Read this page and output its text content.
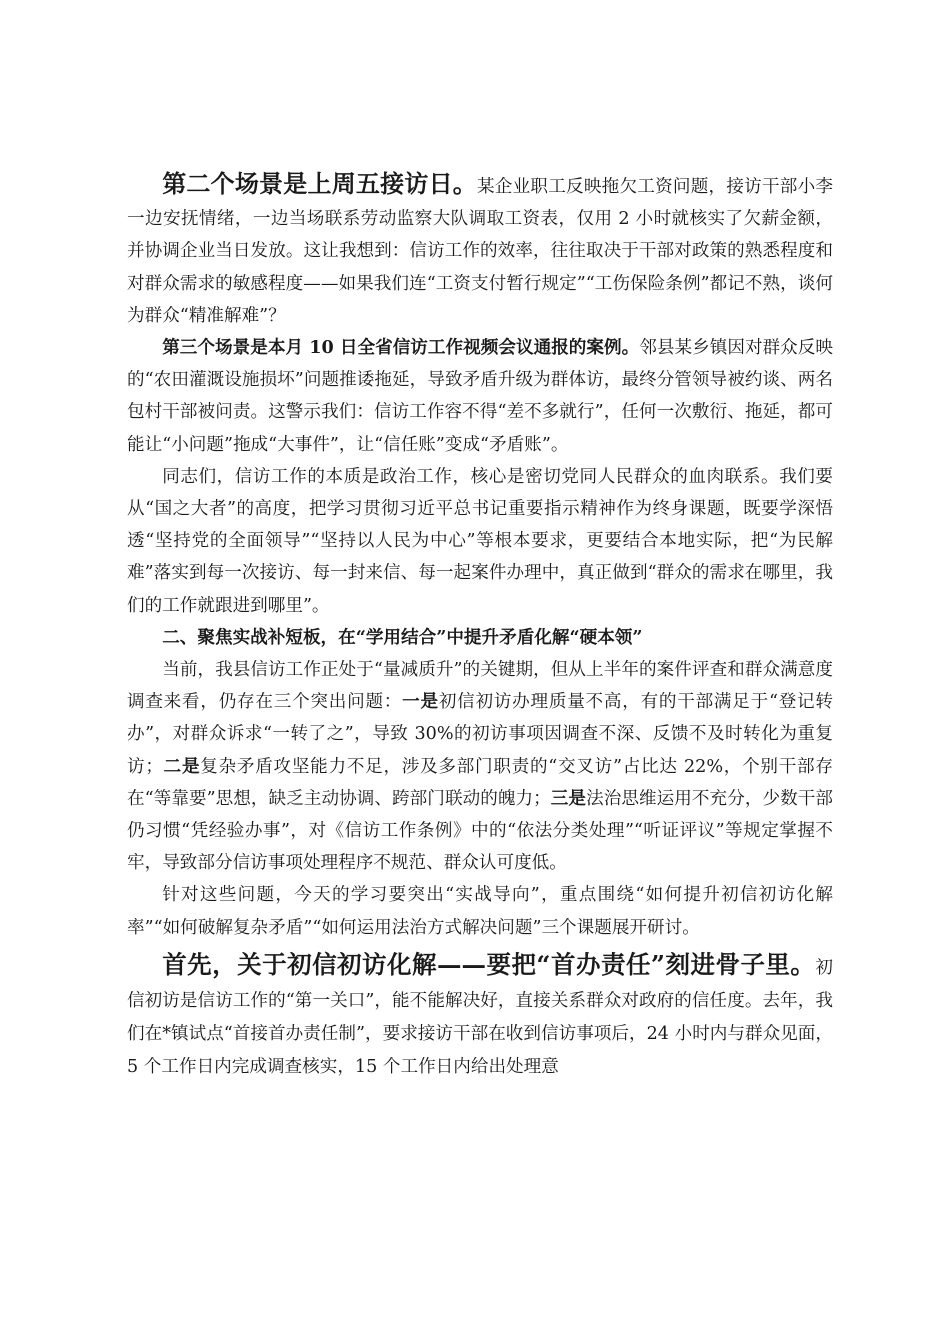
第二个场景是上周五接访日。某企业职工反映拖欠工资问题，接访干部小李一边安抚情绪，一边当场联系劳动监察大队调取工资表，仅用 2 小时就核实了欠薪金额，并协调企业当日发放。这让我想到：信访工作的效率，往往取决于干部对政策的熟悉程度和对群众需求的敏感程度——如果我们连“工资支付暂行规定”“工伤保险条例”都记不熟，谈何为群众“精准解难”？

第三个场景是本月 10 日全省信访工作视频会议通报的案例。邻县某乡镇因对群众反映的“农田灌溉设施损坏”问题推诿拖延，导致矛盾升级为群体访，最终分管领导被约谈、两名包村干部被问责。这警示我们：信访工作容不得“差不多就行”，任何一次敷衍、拖延，都可能让“小问题”拖成“大事件”，让“信任账”变成“矛盾账”。

同志们，信访工作的本质是政治工作，核心是密切党同人民群众的血肉联系。我们要从“国之大者”的高度，把学习贯彻习近平总书记重要指示精神作为终身课题，既要学深悟透“坚持党的全面领导”“坚持以人民为中心”等根本要求，更要结合本地实际，把“为民解难”落实到每一次接访、每一封来信、每一起案件办理中，真正做到“群众的需求在哪里，我们的工作就跟进到哪里”。

二、聚焦实战补短板，在“学用结合”中提升矛盾化解“硬本领”

当前，我县信访工作正处于“量减质升”的关键期，但从上半年的案件评查和群众满意度调查来看，仍存在三个突出问题：一是初信初访办理质量不高，有的干部满足于“登记转办”，对群众诉求“一转了之”，导致 30%的初访事项因调查不深、反馈不及时转化为重复访；二是复杂矛盾攻坚能力不足，涉及多部门职责的“交叉访”占比达 22%，个别干部存在“等靠要”思想，缺乏主动协调、跨部门联动的魄力；三是法治思维运用不充分，少数干部仍习惯“凭经验办事”，对《信访工作条例》中的“依法分类处理”“听证评议”等规定掌握不牢，导致部分信访事项处理程序不规范、群众认可度低。

针对这些问题，今天的学习要突出“实战导向”，重点围绕“如何提升初信初访化解率”“如何破解复杂矛盾”“如何运用法治方式解决问题”三个课题展开研讨。

首先，关于初信初访化解——要把“首办责任”刻进骨子里。初信初访是信访工作的“第一关口”，能不能解决好，直接关系群众对政府的信任度。去年，我们在*镇试点“首接首办责任制”，要求接访干部在收到信访事项后，24 小时内与群众见面，5 个工作日内完成调查核实，15 个工作日内给出处理意
